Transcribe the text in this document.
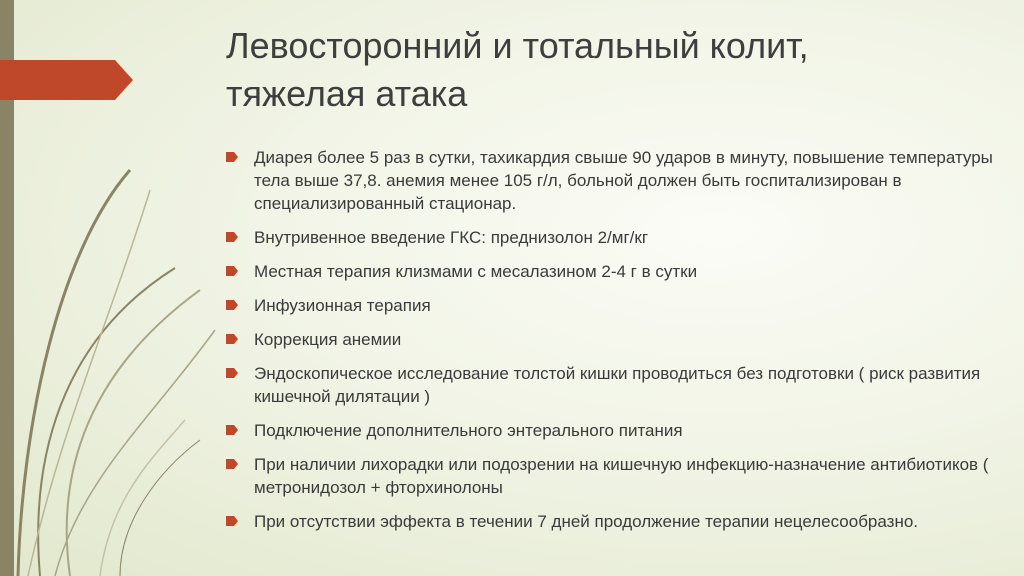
Левосторонний и тотальный колит,
тяжелая атака
Диарея более 5 раз в сутки, тахикардия свыше 90 ударов в минуту, повышение температуры тела выше 37,8. анемия менее 105 г/л, больной должен быть госпитализирован в специализированный стационар.
Внутривенное введение ГКС: преднизолон 2/мг/кг
Местная терапия клизмами с месалазином 2-4 г в сутки
Инфузионная терапия
Коррекция анемии
Эндоскопическое исследование толстой кишки проводиться без подготовки ( риск развития кишечной дилятации )
Подключение дополнительного энтерального питания
При наличии лихорадки или подозрении на кишечную инфекцию-назначение антибиотиков ( метронидозол + фторхинолоны
При отсутствии эффекта в течении 7 дней продолжение терапии нецелесообразно.
